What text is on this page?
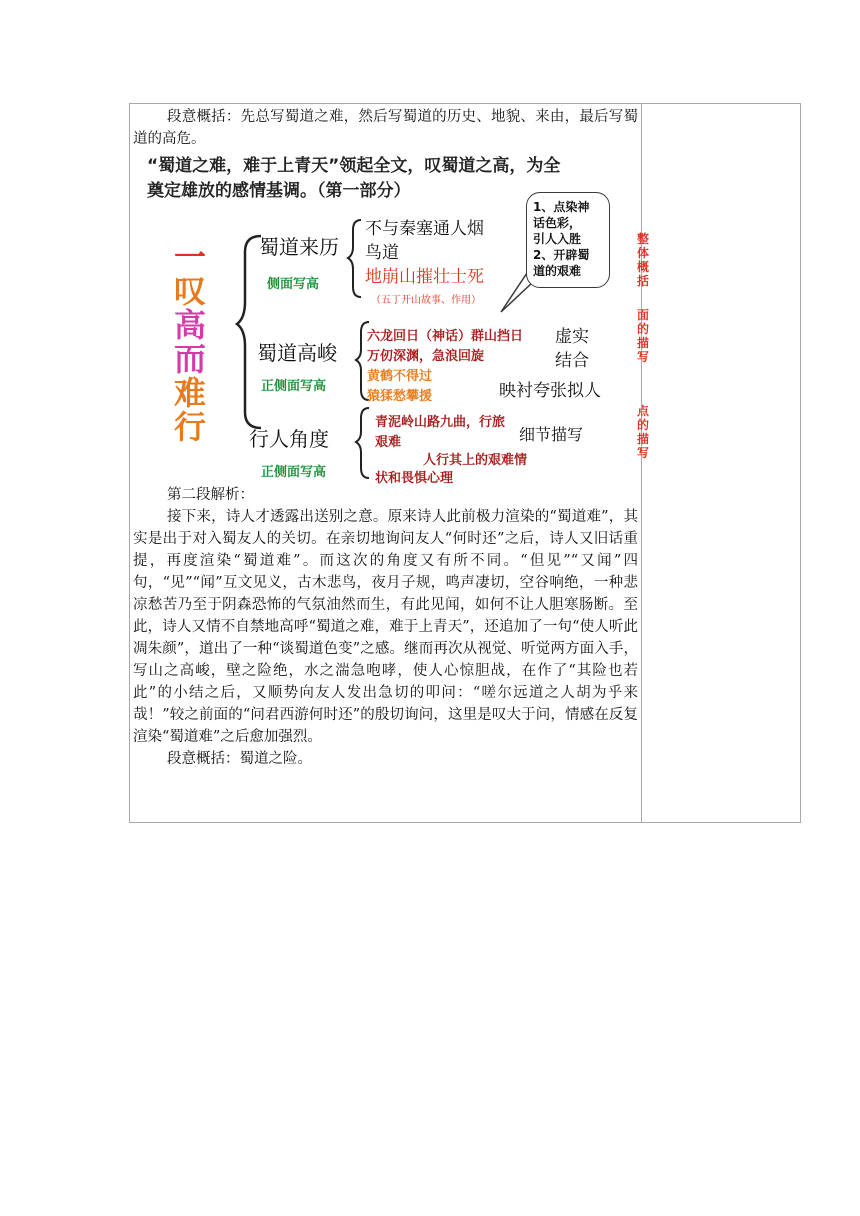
段意概括：先总写蜀道之难，然后写蜀道的历史、地貌、来由，最后写蜀道的高危。

“蜀道之难，难于上青天”领起全文，叹蜀道之高，为全
奠定雄放的感情基调。（第一部分）
一
叹
高
而
难
行
蜀道来历
侧面写高
不与秦塞通人烟
鸟道
地崩山摧壮士死
（五丁开山故事、作用）
1、点染神
话色彩，
引人入胜
2、开辟蜀
道的艰难
蜀道高峻
正侧面写高
六龙回日（神话）群山挡日
万仞深渊，急浪回旋
黄鹤不得过
猿猱愁攀援
虚实
结合
映衬夸张拟人
行人角度
正侧面写高
青泥岭山路九曲，行旅
艰难
人行其上的艰难情
状和畏惧心理
细节描写
整
体
概
括
面
的
描
写
点
的
描
写

第二段解析：

接下来，诗人才透露出送别之意。原来诗人此前极力渲染的“蜀道难”，其实是出于对入蜀友人的关切。在亲切地询问友人“何时还”之后，诗人又旧话重提，再度渲染“蜀道难”。而这次的角度又有所不同。“但见”“又闻”四句，“见”“闻”互文见义，古木悲鸟，夜月子规，鸣声凄切，空谷响绝，一种悲凉愁苦乃至于阴森恐怖的气氛油然而生，有此见闻，如何不让人胆寒肠断。至此，诗人又情不自禁地高呼“蜀道之难，难于上青天”，还追加了一句“使人听此凋朱颜”，道出了一种“谈蜀道色变”之感。继而再次从视觉、听觉两方面入手，写山之高峻，壁之险绝，水之湍急咆哮，使人心惊胆战，在作了“其险也若此”的小结之后，又顺势向友人发出急切的叩问：“嗟尔远道之人胡为乎来哉！”较之前面的“问君西游何时还”的殷切询问，这里是叹大于问，情感在反复渲染“蜀道难”之后愈加强烈。

段意概括：蜀道之险。
